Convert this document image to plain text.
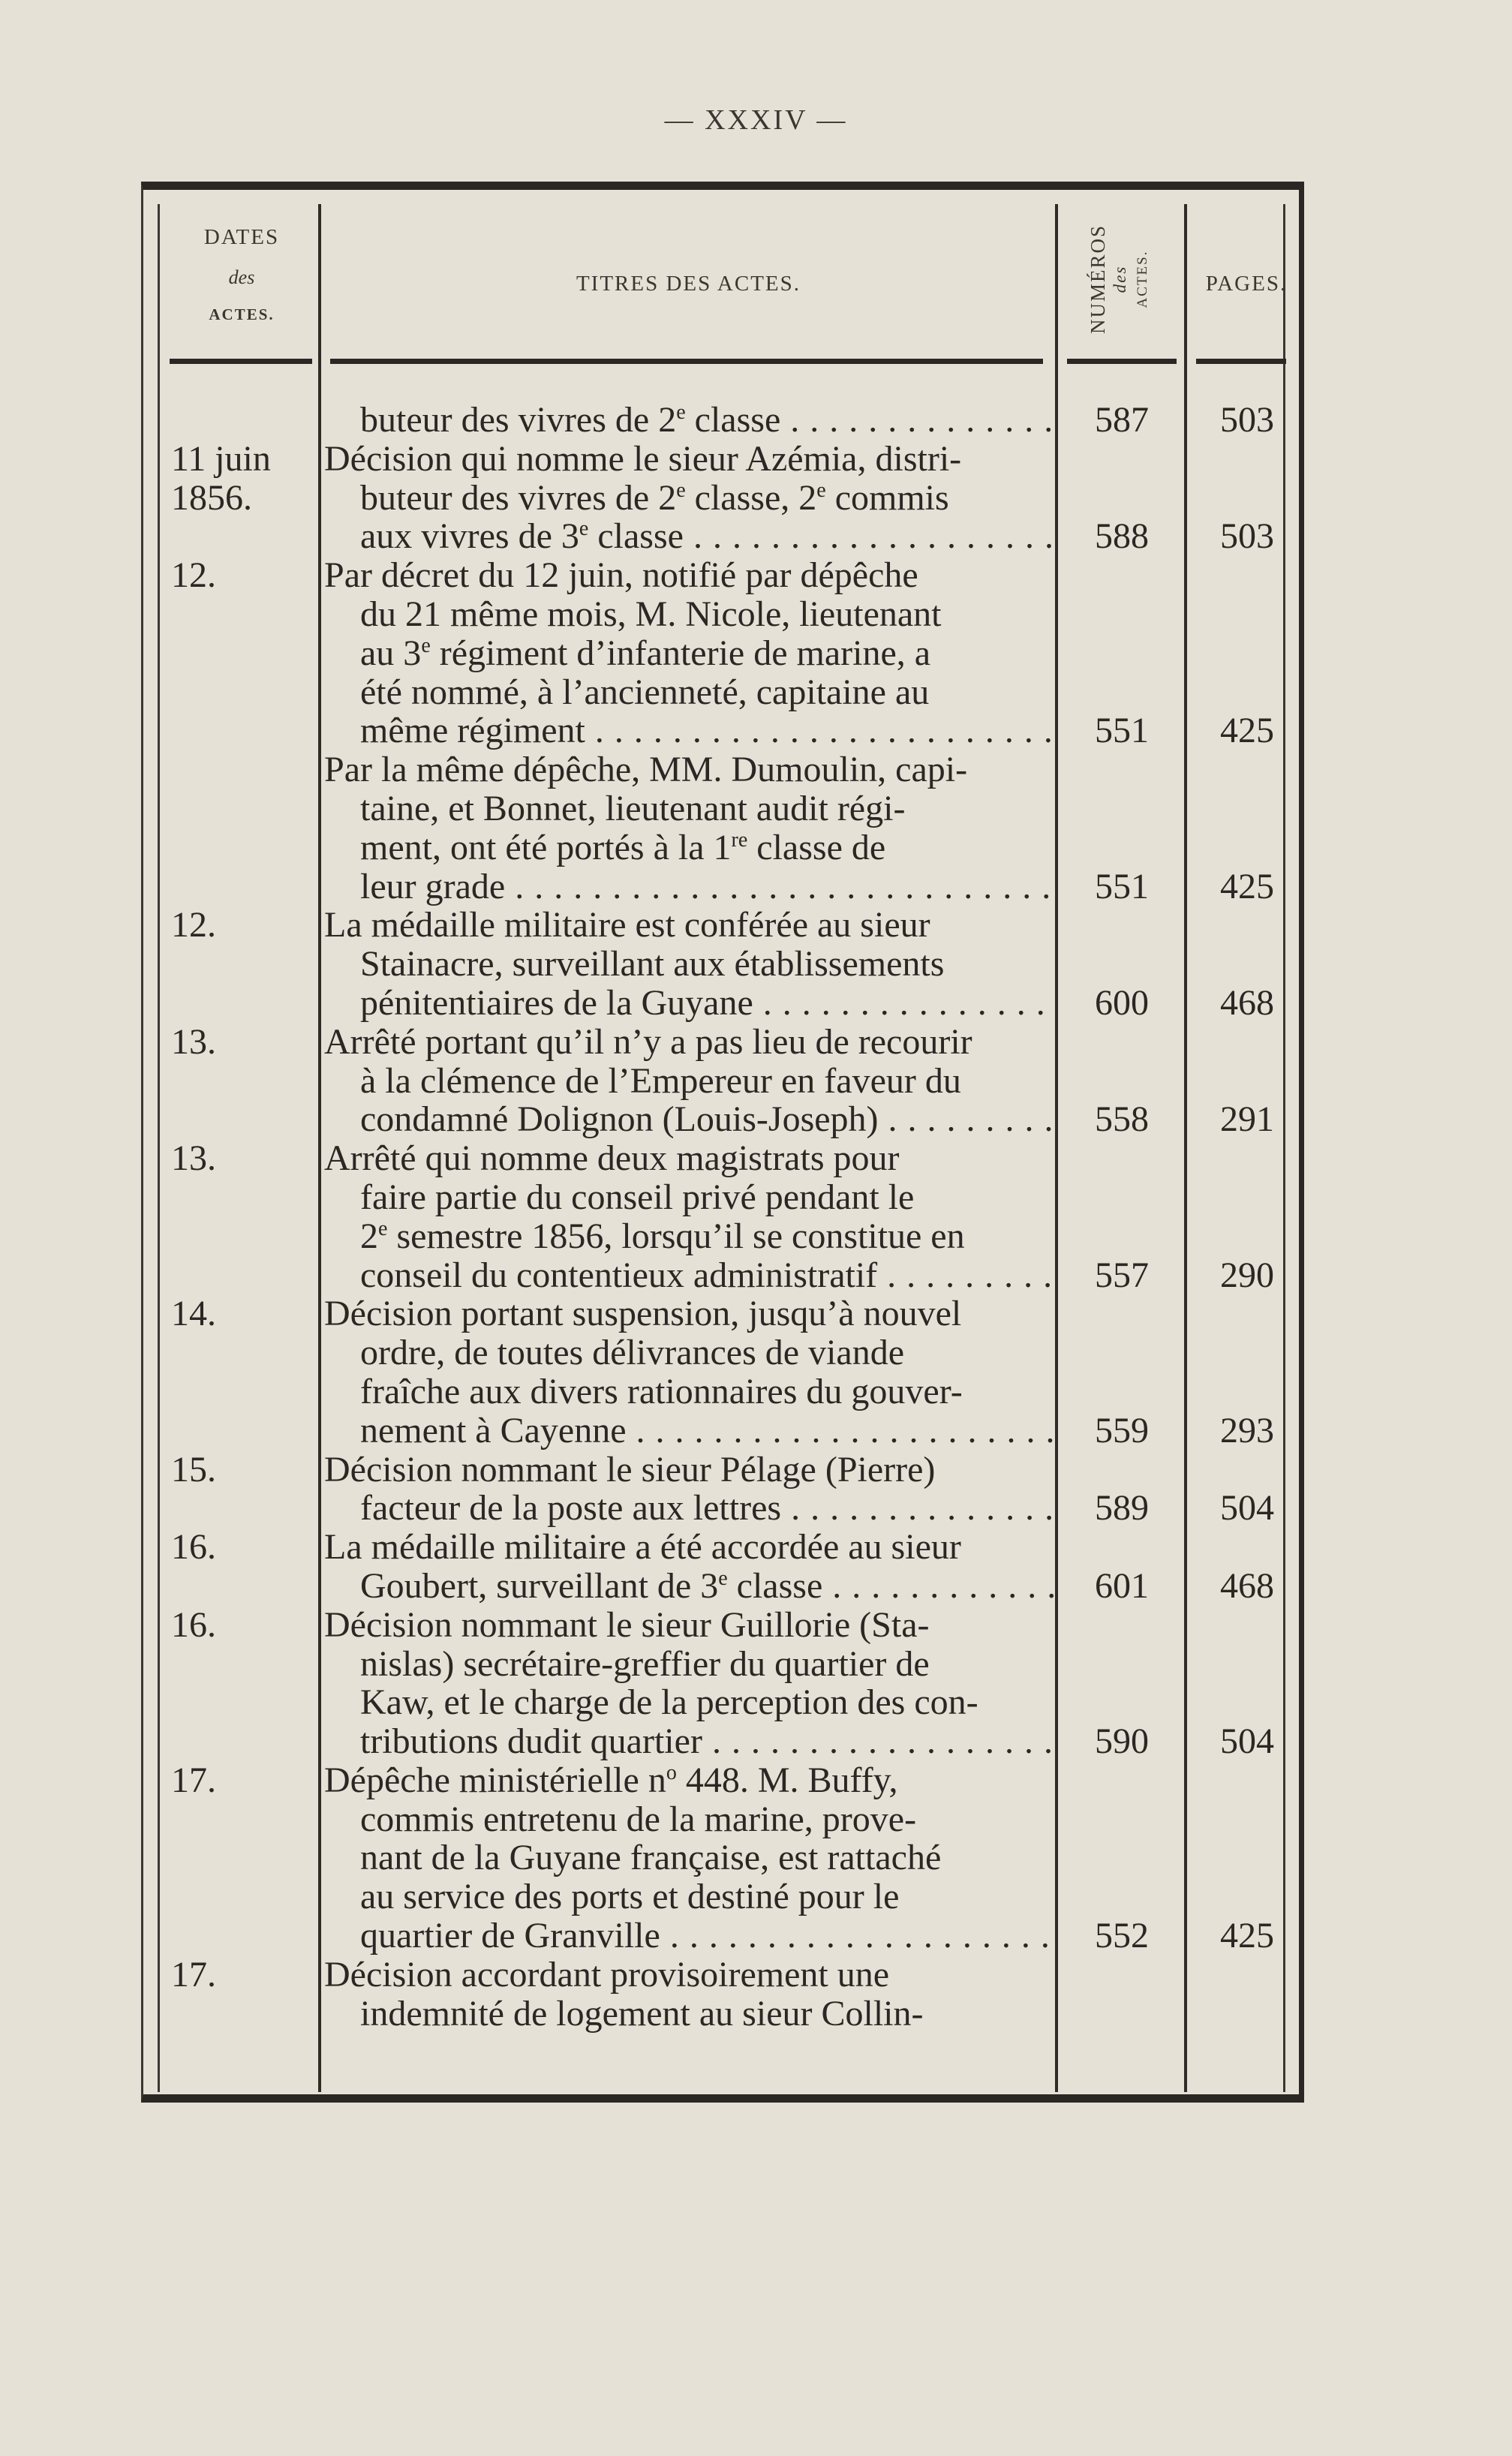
— XXXIV —
DATES
des
ACTES.
TITRES DES ACTES.	NUMÉROS des ACTES.	PAGES.
buteur des vivres de 2e classe . . .	587	503
11 juin	Décision qui nomme le sieur Azémia, distri-
1856.	buteur des vivres de 2e classe, 2e commis
aux vivres de 3e classe . . .	588	503
12.	Par décret du 12 juin, notifié par dépêche
du 21 même mois, M. Nicole, lieutenant
au 3e régiment d’infanterie de marine, a
été nommé, à l’ancienneté, capitaine au
même régiment . . .	551	425
Par la même dépêche, MM. Dumoulin, capi-
taine, et Bonnet, lieutenant audit régi-
ment, ont été portés à la 1re classe de
leur grade . . .	551	425
12.	La médaille militaire est conférée au sieur
Stainacre, surveillant aux établissements
pénitentiaires de la Guyane . . .	600	468
13.	Arrêté portant qu’il n’y a pas lieu de recourir
à la clémence de l’Empereur en faveur du
condamné Dolignon (Louis-Joseph) . . .	558	291
13.	Arrêté qui nomme deux magistrats pour
faire partie du conseil privé pendant le
2e semestre 1856, lorsqu’il se constitue en
conseil du contentieux administratif . . .	557	290
14.	Décision portant suspension, jusqu’à nouvel
ordre, de toutes délivrances de viande
fraîche aux divers rationnaires du gouver-
nement à Cayenne . . .	559	293
15.	Décision nommant le sieur Pélage (Pierre)
facteur de la poste aux lettres . . .	589	504
16.	La médaille militaire a été accordée au sieur
Goubert, surveillant de 3e classe . . .	601	468
16.	Décision nommant le sieur Guillorie (Sta-
nislas) secrétaire-greffier du quartier de
Kaw, et le charge de la perception des con-
tributions dudit quartier . . .	590	504
17.	Dépêche ministérielle $n^o$ 448. M. Buffy,
commis entretenu de la marine, prove-
nant de la Guyane française, est rattaché
au service des ports et destiné pour le
quartier de Granville . . .	552	425
17.	Décision accordant provisoirement une
indemnité de logement au sieur Collin-
